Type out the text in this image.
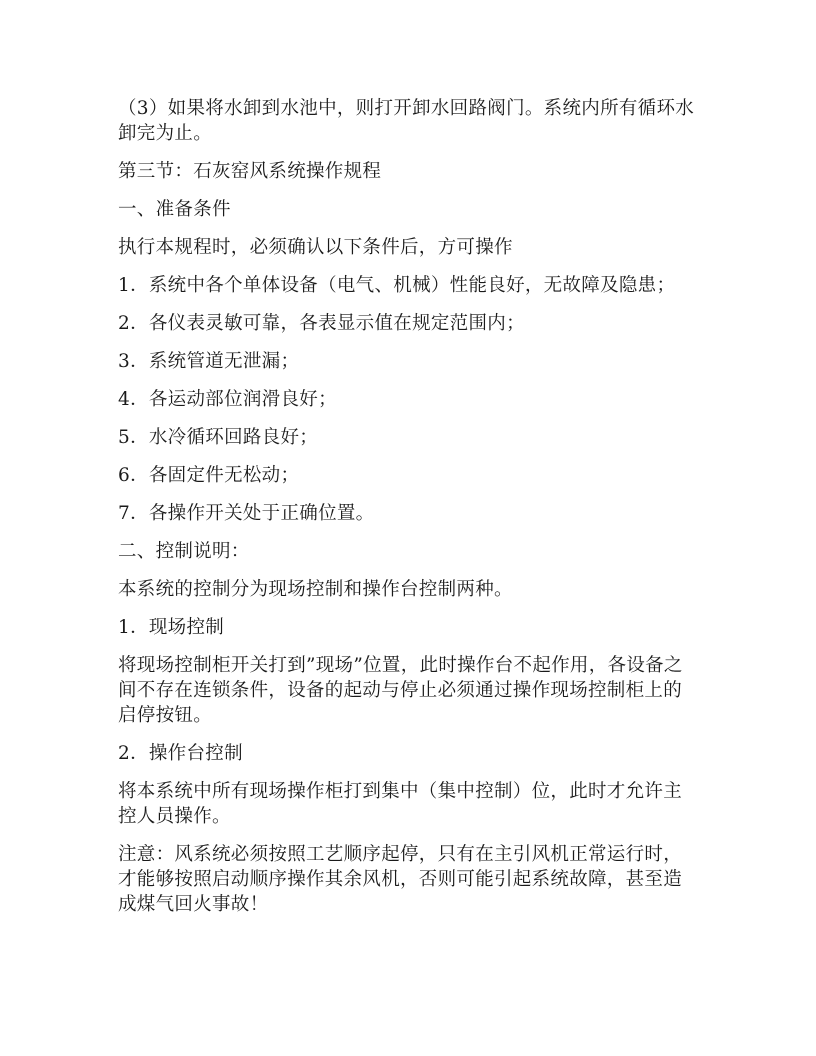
（3）如果将水卸到水池中，则打开卸水回路阀门。系统内所有循环水卸完为止。

第三节：石灰窑风系统操作规程

一、准备条件

执行本规程时，必须确认以下条件后，方可操作

1．系统中各个单体设备（电气、机械）性能良好，无故障及隐患；

2．各仪表灵敏可靠，各表显示值在规定范围内；

3．系统管道无泄漏；

4．各运动部位润滑良好；

5．水冷循环回路良好；

6．各固定件无松动；

7．各操作开关处于正确位置。

二、控制说明：

本系统的控制分为现场控制和操作台控制两种。

1．现场控制

将现场控制柜开关打到”现场”位置，此时操作台不起作用，各设备之间不存在连锁条件，设备的起动与停止必须通过操作现场控制柜上的启停按钮。

2．操作台控制

将本系统中所有现场操作柜打到集中（集中控制）位，此时才允许主控人员操作。

注意：风系统必须按照工艺顺序起停，只有在主引风机正常运行时，才能够按照启动顺序操作其余风机，否则可能引起系统故障，甚至造成煤气回火事故！
